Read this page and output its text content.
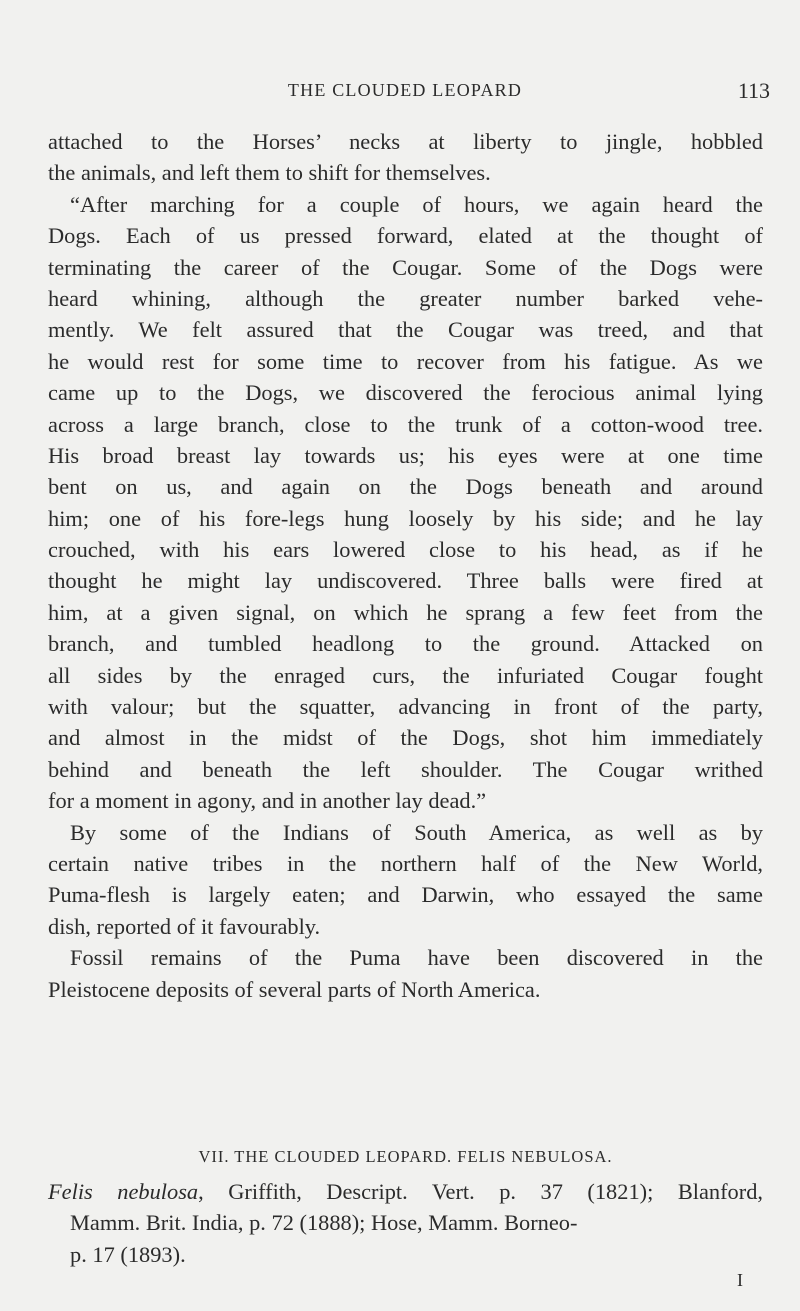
THE CLOUDED LEOPARD	113
attached to the Horses’ necks at liberty to jingle, hobbled
the animals, and left them to shift for themselves.
“After marching for a couple of hours, we again heard the
Dogs. Each of us pressed forward, elated at the thought of
terminating the career of the Cougar. Some of the Dogs were
heard whining, although the greater number barked vehe-
mently. We felt assured that the Cougar was treed, and that
he would rest for some time to recover from his fatigue. As we
came up to the Dogs, we discovered the ferocious animal lying
across a large branch, close to the trunk of a cotton-wood tree.
His broad breast lay towards us; his eyes were at one time
bent on us, and again on the Dogs beneath and around
him; one of his fore-legs hung loosely by his side; and he lay
crouched, with his ears lowered close to his head, as if he
thought he might lay undiscovered. Three balls were fired at
him, at a given signal, on which he sprang a few feet from the
branch, and tumbled headlong to the ground. Attacked on
all sides by the enraged curs, the infuriated Cougar fought
with valour; but the squatter, advancing in front of the party,
and almost in the midst of the Dogs, shot him immediately
behind and beneath the left shoulder. The Cougar writhed
for a moment in agony, and in another lay dead.”
By some of the Indians of South America, as well as by
certain native tribes in the northern half of the New World,
Puma-flesh is largely eaten; and Darwin, who essayed the same
dish, reported of it favourably.
Fossil remains of the Puma have been discovered in the
Pleistocene deposits of several parts of North America.
VII. THE CLOUDED LEOPARD. FELIS NEBULOSA.
Felis nebulosa, Griffith, Descript. Vert. p. 37 (1821); Blanford,
Mamm. Brit. India, p. 72 (1888); Hose, Mamm. Borneo-
p. 17 (1893).
I
